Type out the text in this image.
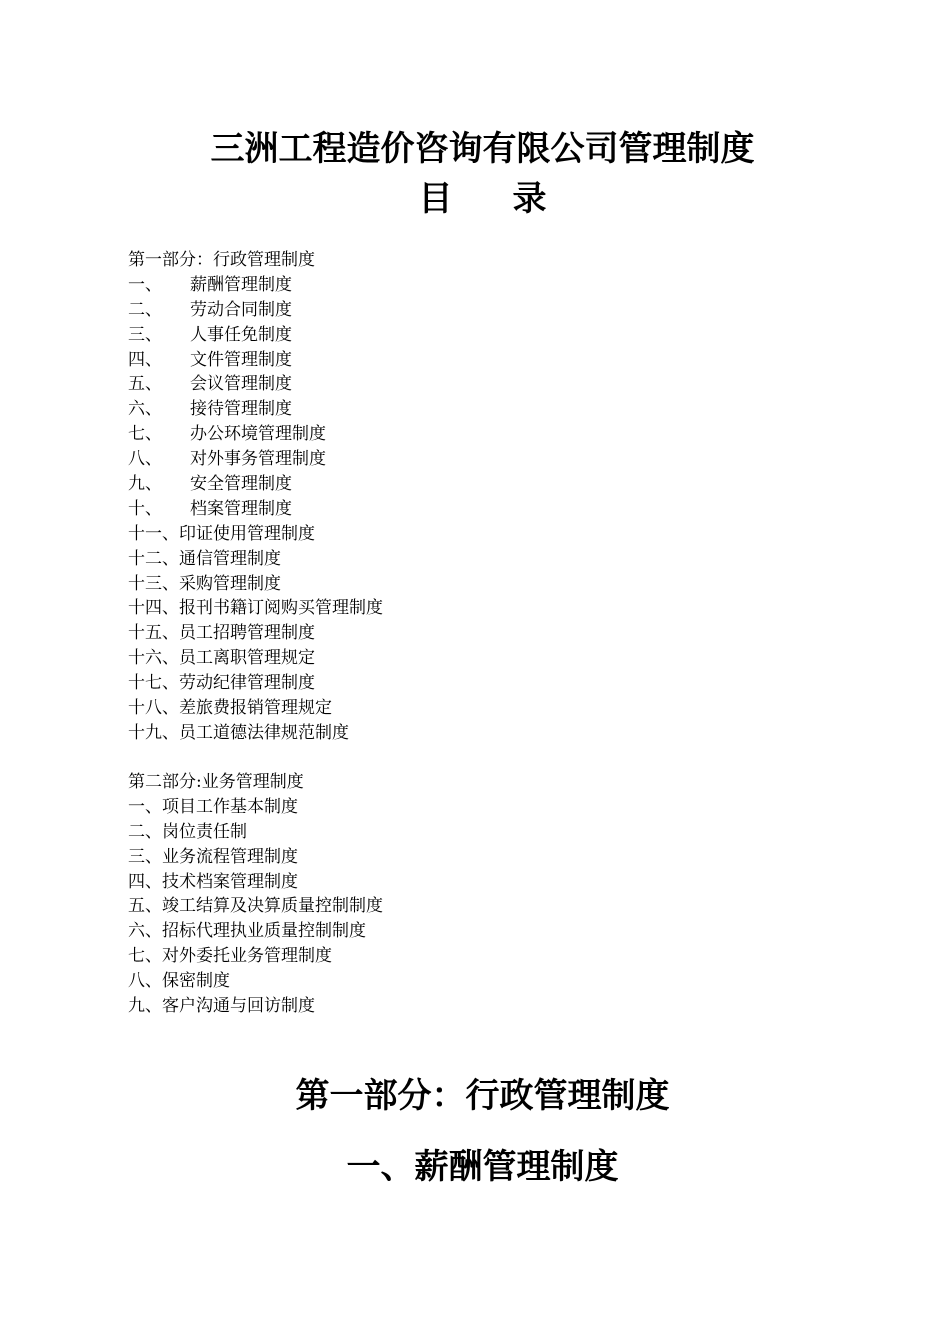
三洲工程造价咨询有限公司管理制度
目 录
第一部分：行政管理制度
一、 薪酬管理制度
二、 劳动合同制度
三、 人事任免制度
四、 文件管理制度
五、 会议管理制度
六、 接待管理制度
七、 办公环境管理制度
八、 对外事务管理制度
九、 安全管理制度
十、 档案管理制度
十一、印证使用管理制度
十二、通信管理制度
十三、采购管理制度
十四、报刊书籍订阅购买管理制度
十五、员工招聘管理制度
十六、员工离职管理规定
十七、劳动纪律管理制度
十八、差旅费报销管理规定
十九、员工道德法律规范制度
第二部分:业务管理制度
一、项目工作基本制度
二、岗位责任制
三、业务流程管理制度
四、技术档案管理制度
五、竣工结算及决算质量控制制度
六、招标代理执业质量控制制度
七、对外委托业务管理制度
八、保密制度
九、客户沟通与回访制度
第一部分：行政管理制度
一、薪酬管理制度
